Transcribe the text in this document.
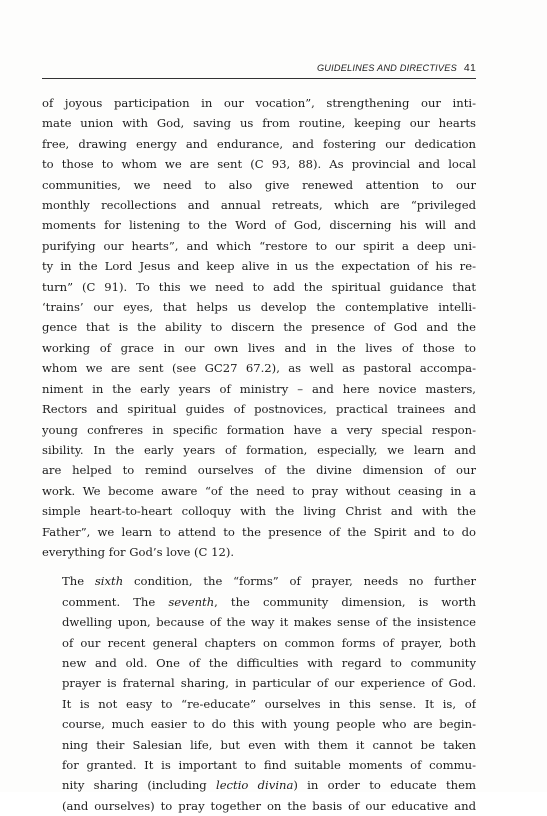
GUIDELINES AND DIRECTIVES 41

of joyous participation in our vocation”, strengthening our inti-
mate union with God, saving us from routine, keeping our hearts
free, drawing energy and endurance, and fostering our dedication
to those to whom we are sent (C 93, 88). As provincial and local
communities, we need to also give renewed attention to our
monthly recollections and annual retreats, which are “privileged
moments for listening to the Word of God, discerning his will and
purifying our hearts”, and which “restore to our spirit a deep uni-
ty in the Lord Jesus and keep alive in us the expectation of his re-
turn” (C 91). To this we need to add the spiritual guidance that
‘trains’ our eyes, that helps us develop the contemplative intelli-
gence that is the ability to discern the presence of God and the
working of grace in our own lives and in the lives of those to
whom we are sent (see GC27 67.2), as well as pastoral accompa-
niment in the early years of ministry – and here novice masters,
Rectors and spiritual guides of postnovices, practical trainees and
young confreres in specific formation have a very special respon-
sibility. In the early years of formation, especially, we learn and
are helped to remind ourselves of the divine dimension of our
work. We become aware “of the need to pray without ceasing in a
simple heart-to-heart colloquy with the living Christ and with the
Father”, we learn to attend to the presence of the Spirit and to do
everything for God’s love (C 12).

The sixth condition, the “forms” of prayer, needs no further
comment. The seventh, the community dimension, is worth
dwelling upon, because of the way it makes sense of the insistence
of our recent general chapters on common forms of prayer, both
new and old. One of the difficulties with regard to community
prayer is fraternal sharing, in particular of our experience of God.
It is not easy to “re-educate” ourselves in this sense. It is, of
course, much easier to do this with young people who are begin-
ning their Salesian life, but even with them it cannot be taken
for granted. It is important to find suitable moments of commu-
nity sharing (including lectio divina) in order to educate them
(and ourselves) to pray together on the basis of our educative and
